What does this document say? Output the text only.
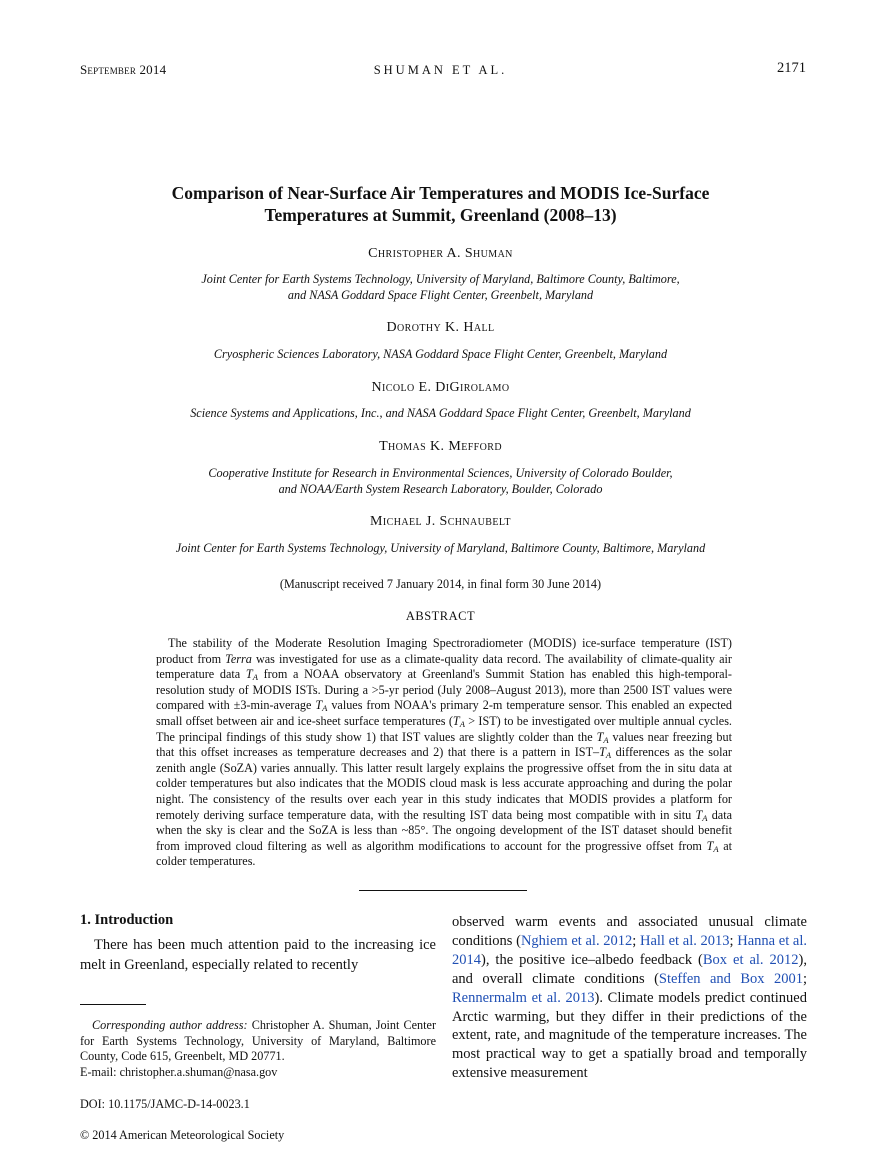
September 2014	SHUMAN ET AL.	2171
Comparison of Near-Surface Air Temperatures and MODIS Ice-Surface
Temperatures at Summit, Greenland (2008–13)
Christopher A. Shuman
Joint Center for Earth Systems Technology, University of Maryland, Baltimore County, Baltimore,
and NASA Goddard Space Flight Center, Greenbelt, Maryland
Dorothy K. Hall
Cryospheric Sciences Laboratory, NASA Goddard Space Flight Center, Greenbelt, Maryland
Nicolo E. DiGirolamo
Science Systems and Applications, Inc., and NASA Goddard Space Flight Center, Greenbelt, Maryland
Thomas K. Mefford
Cooperative Institute for Research in Environmental Sciences, University of Colorado Boulder,
and NOAA/Earth System Research Laboratory, Boulder, Colorado
Michael J. Schnaubelt
Joint Center for Earth Systems Technology, University of Maryland, Baltimore County, Baltimore, Maryland
(Manuscript received 7 January 2014, in final form 30 June 2014)
ABSTRACT

The stability of the Moderate Resolution Imaging Spectroradiometer (MODIS) ice-surface temperature (IST) product from Terra was investigated for use as a climate-quality data record. The availability of climate-quality air temperature data $T_A$ from a NOAA observatory at Greenland's Summit Station has enabled this high-temporal-resolution study of MODIS ISTs. During a >5-yr period (July 2008–August 2013), more than 2500 IST values were compared with ±3-min-average $T_A$ values from NOAA's primary 2-m temperature sensor. This enabled an expected small offset between air and ice-sheet surface temperatures $(T_A > IST)$ to be investigated over multiple annual cycles. The principal findings of this study show 1) that IST values are slightly colder than the $T_A$ values near freezing but that this offset increases as temperature decreases and 2) that there is a pattern in IST–$T_A$ differences as the solar zenith angle (SoZA) varies annually. This latter result largely explains the progressive offset from the in situ data at colder temperatures but also indicates that the MODIS cloud mask is less accurate approaching and during the polar night. The consistency of the results over each year in this study indicates that MODIS provides a platform for remotely deriving surface temperature data, with the resulting IST data being most compatible with in situ $T_A$ data when the sky is clear and the SoZA is less than ~85°. The ongoing development of the IST dataset should benefit from improved cloud filtering as well as algorithm modifications to account for the progressive offset from $T_A$ at colder temperatures.

1. Introduction

There has been much attention paid to the increasing ice melt in Greenland, especially related to recently

Corresponding author address: Christopher A. Shuman, Joint Center for Earth Systems Technology, University of Maryland, Baltimore County, Code 615, Greenbelt, MD 20771.

E-mail: christopher.a.shuman@nasa.gov
DOI: 10.1175/JAMC-D-14-0023.1
© 2014 American Meteorological Society
observed warm events and associated unusual climate conditions (Nghiem et al. 2012; Hall et al. 2013; Hanna et al. 2014), the positive ice–albedo feedback (Box et al. 2012), and overall climate conditions (Steffen and Box 2001; Rennermalm et al. 2013). Climate models predict continued Arctic warming, but they differ in their predictions of the extent, rate, and magnitude of the temperature increases. The most practical way to get a spatially broad and temporally extensive measurement
